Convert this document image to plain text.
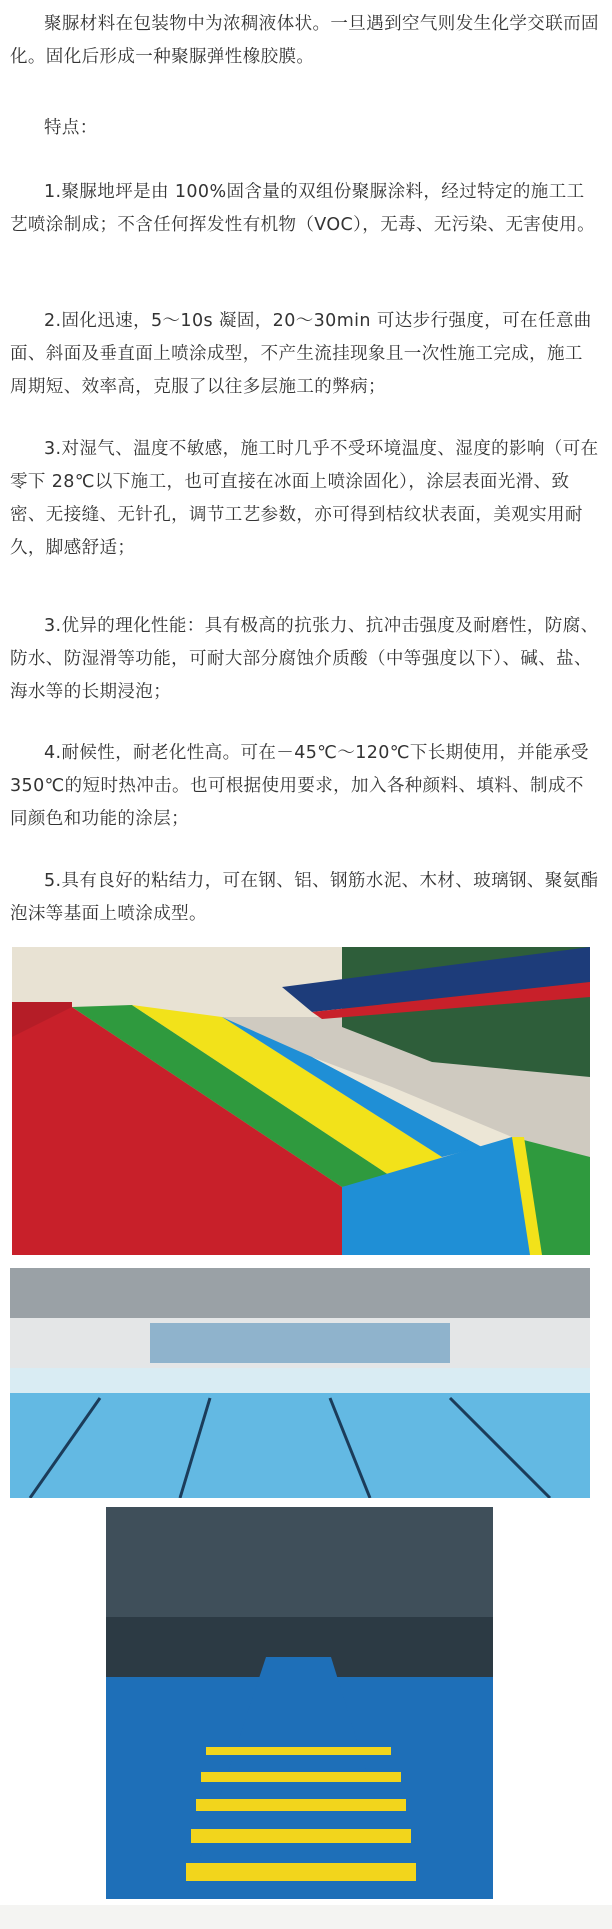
聚脲材料在包装物中为浓稠液体状。一旦遇到空气则发生化学交联而固化。固化后形成一种聚脲弹性橡胶膜。

特点：

1.聚脲地坪是由 100%固含量的双组份聚脲涂料，经过特定的施工工艺喷涂制成；不含任何挥发性有机物（VOC），无毒、无污染、无害使用。

2.固化迅速，5～10s 凝固，20～30min 可达步行强度，可在任意曲面、斜面及垂直面上喷涂成型，不产生流挂现象且一次性施工完成，施工周期短、效率高，克服了以往多层施工的弊病；

3.对湿气、温度不敏感，施工时几乎不受环境温度、湿度的影响（可在零下 28℃以下施工，也可直接在冰面上喷涂固化），涂层表面光滑、致密、无接缝、无针孔，调节工艺参数，亦可得到桔纹状表面，美观实用耐久，脚感舒适；

3.优异的理化性能：具有极高的抗张力、抗冲击强度及耐磨性，防腐、防水、防湿滑等功能，可耐大部分腐蚀介质酸（中等强度以下）、碱、盐、海水等的长期浸泡；

4.耐候性，耐老化性高。可在－45℃～120℃下长期使用，并能承受 350℃的短时热冲击。也可根据使用要求，加入各种颜料、填料、制成不同颜色和功能的涂层；

5.具有良好的粘结力，可在钢、铝、钢筋水泥、木材、玻璃钢、聚氨酯泡沫等基面上喷涂成型。
